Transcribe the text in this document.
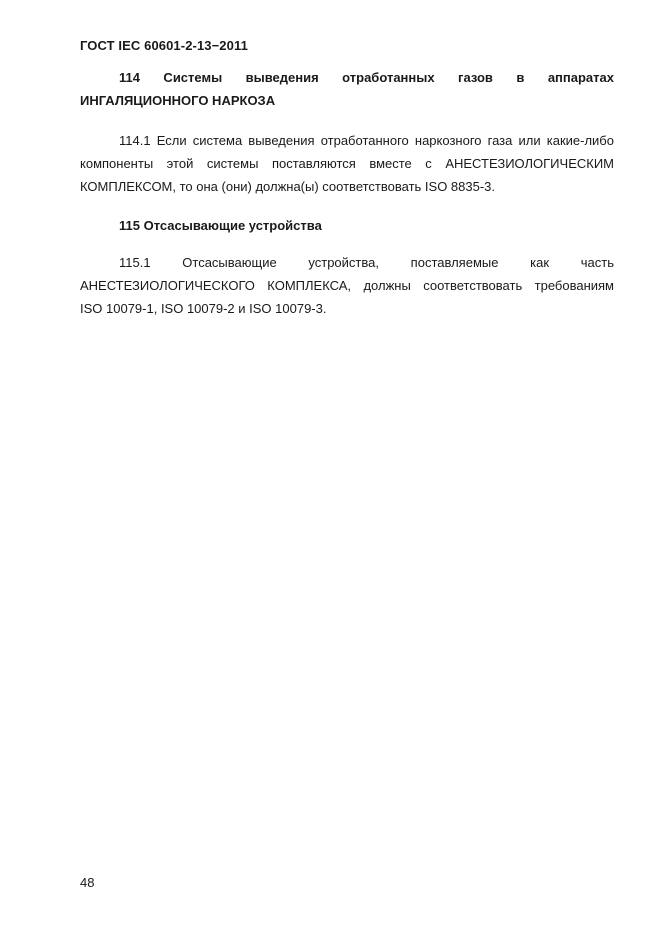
ГОСТ IEC 60601-2-13−2011
114 Системы выведения отработанных газов в аппаратах
ИНГАЛЯЦИОННОГО НАРКОЗА
114.1 Если система выведения отработанного наркозного газа или какие-либо
компоненты этой системы поставляются вместе с АНЕСТЕЗИОЛОГИЧЕСКИМ
КОМПЛЕКСОМ, то она (они) должна(ы) соответствовать ISO 8835-3.
115 Отсасывающие устройства
115.1 Отсасывающие устройства, поставляемые как часть
АНЕСТЕЗИОЛОГИЧЕСКОГО КОМПЛЕКСА, должны соответствовать требованиям
ISO 10079-1, ISO 10079-2 и ISO 10079-3.
48
